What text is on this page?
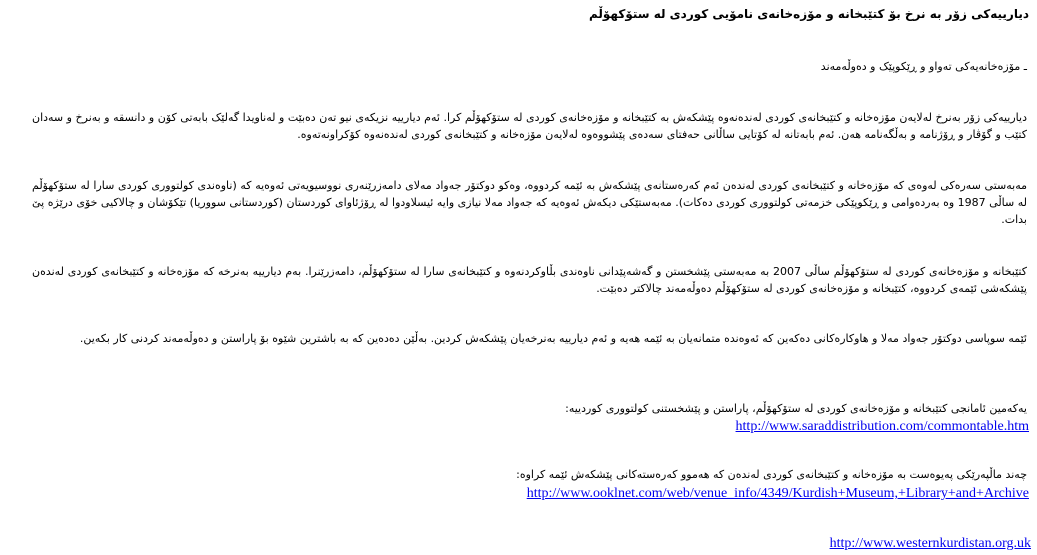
دیارییەکی زۆر بە نرخ بۆ کتێبخانە و مۆزەخانەی نامۆیی کوردی لە ستۆکهۆڵم
ـ مۆزەخانەیەکی تەواو و ڕێکوپێک و دەوڵەمەند
دیارییەکی زۆر بەنرخ لەلایەن مۆزەخانە و کتێبخانەی کوردی لەندەنەوە پێشکەش بە کتێبخانە و مۆزەخانەی کوردی لە ستۆکهۆڵم کرا. ئەم دیارییە نزیکەی نیو تەن دەبێت و لەناویدا گەلێک بابەتی کۆن و دانسقە و بەنرخ و سەدان کتێب و گۆڤار و ڕۆژنامە و بەڵگەنامە هەن. ئەم بابەتانە لە کۆتایی ساڵانی حەفتای سەدەی پێشووەوە لەلایەن مۆزەخانە و کتێبخانەی کوردی لەندەنەوە کۆکراونەتەوە.
مەبەستی سەرەکی لەوەی کە مۆزەخانە و کتێبخانەی کوردی لەندەن ئەم کەرەستانەی پێشکەش بە ئێمە کردووە، وەکو دوکتۆر جەواد مەلای دامەزرێنەری نووسیویەتی ئەوەیە کە (ناوەندی کولتووری کوردی سارا لە ستۆکهۆڵم لە ساڵی 1987 وە بەردەوامی و ڕێکوپێکی خزمەتی کولتووری کوردی دەکات). مەبەستێکی دیکەش ئەوەیە کە جەواد مەلا نیازی وایە ئیسلاودوا لە ڕۆژئاوای کوردستان (کوردستانی سووریا) تێکۆشان و چالاکیی خۆی درێژە پێ بدات.
کتێبخانە و مۆزەخانەی کوردی لە ستۆکهۆڵم ساڵی 2007 بە مەبەستی پێشخستن و گەشەپێدانی ناوەندی بڵاوکردنەوە و کتێبخانەی سارا لە ستۆکهۆڵم، دامەزرێنرا. بەم دیارییە بەنرخە کە مۆزەخانە و کتێبخانەی کوردی لەندەن پێشکەشی ئێمەی کردووە، کتێبخانە و مۆزەخانەی کوردی لە ستۆکهۆڵم دەوڵەمەند چالاکتر دەبێت.
ئێمە سوپاسی دوکتۆر جەواد مەلا و هاوکارەکانی دەکەین کە ئەوەندە متمانەیان بە ئێمە هەیە و ئەم دیارییە بەنرخەیان پێشکەش کردین. بەڵێن دەدەین کە بە باشترین شێوە بۆ پاراستن و دەوڵەمەند کردنی کار بکەین.
یەکەمین ئامانجی کتێبخانە و مۆزەخانەی کوردی لە ستۆکهۆڵم، پاراستن و پێشخستنی کولتووری کوردییە:
http://www.saraddistribution.com/commontable.htm
چەند ماڵپەرێکی پەیوەست بە مۆزەخانە و کتێبخانەی کوردی لەندەن کە هەموو کەرەستەکانی پێشکەش ئێمە کراوە:
http://www.ooklnet.com/web/venue_info/4349/Kurdish+Museum,+Library+and+Archive
http://www.westernkurdistan.org.uk
